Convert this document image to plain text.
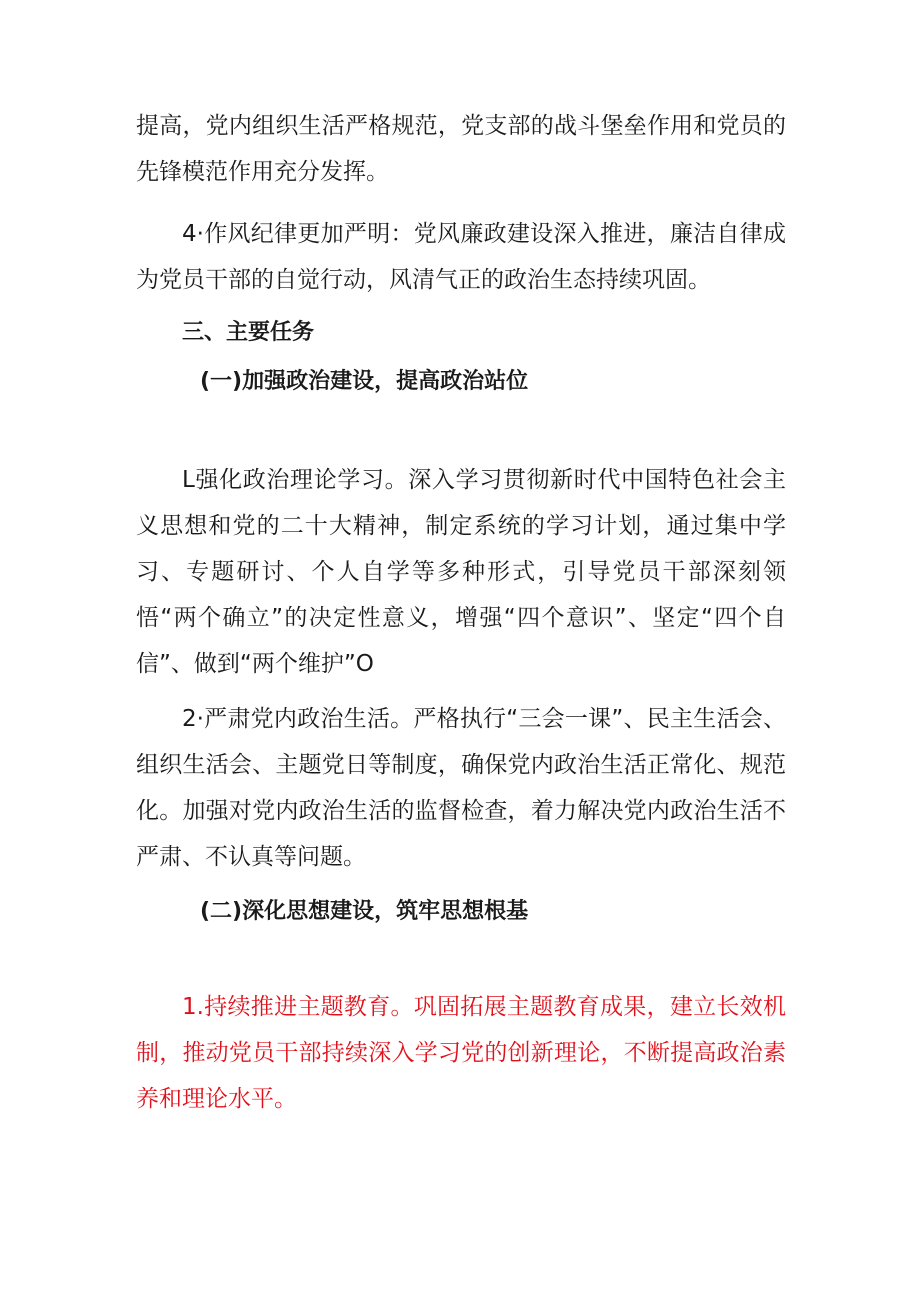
提高，党内组织生活严格规范，党支部的战斗堡垒作用和党员的先锋模范作用充分发挥。

4·作风纪律更加严明：党风廉政建设深入推进，廉洁自律成为党员干部的自觉行动，风清气正的政治生态持续巩固。

三、主要任务
(一)加强政治建设，提高政治站位

L强化政治理论学习。深入学习贯彻新时代中国特色社会主义思想和党的二十大精神，制定系统的学习计划，通过集中学习、专题研讨、个人自学等多种形式，引导党员干部深刻领悟“两个确立”的决定性意义，增强“四个意识”、坚定“四个自信”、做到“两个维护”O

2·严肃党内政治生活。严格执行“三会一课”、民主生活会、组织生活会、主题党日等制度，确保党内政治生活正常化、规范化。加强对党内政治生活的监督检查，着力解决党内政治生活不严肃、不认真等问题。

(二)深化思想建设，筑牢思想根基

1.持续推进主题教育。巩固拓展主题教育成果，建立长效机制，推动党员干部持续深入学习党的创新理论，不断提高政治素养和理论水平。
